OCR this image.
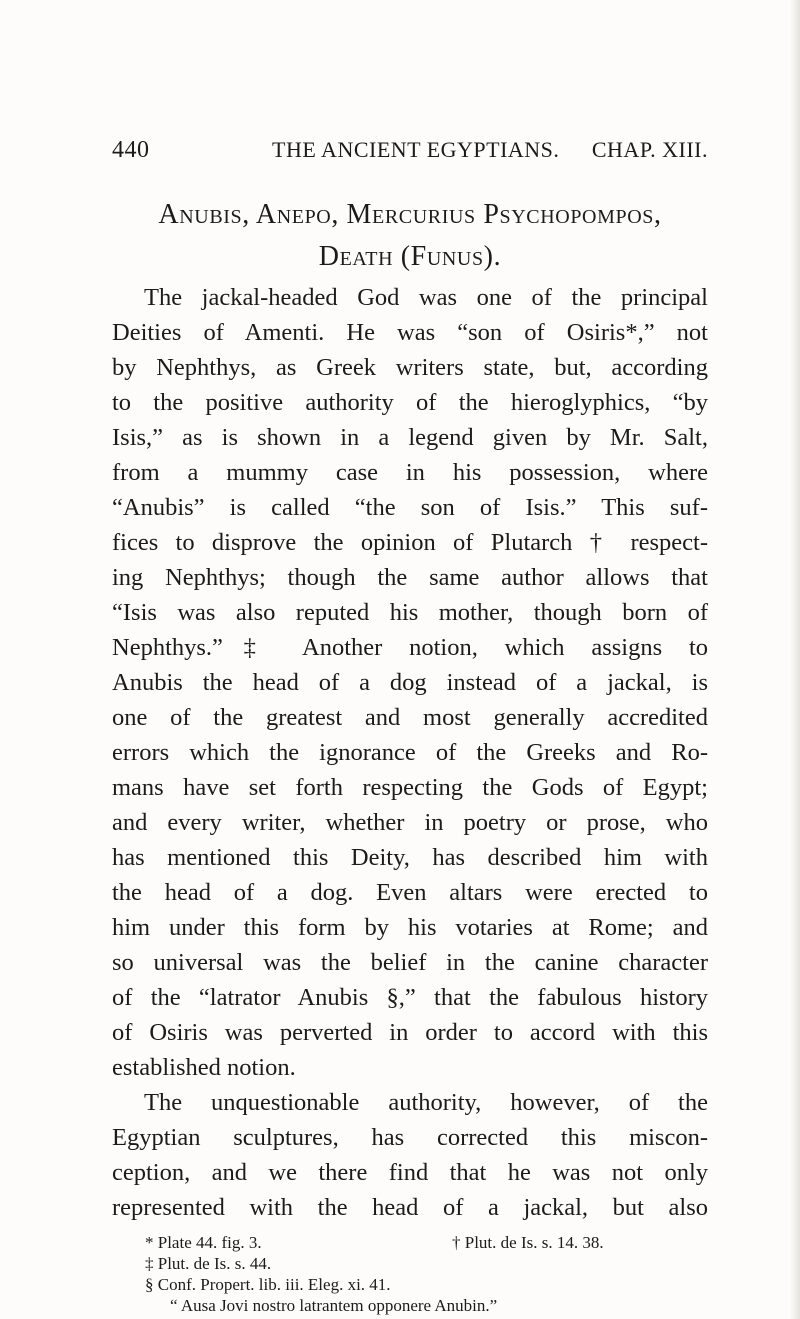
440	THE ANCIENT EGYPTIANS. CHAP. XIII.
Anubis, Anepo, Mercurius Psychopompos,
Death (Funus).
The jackal-headed God was one of the principal
Deities of Amenti. He was “son of Osiris*,” not
by Nephthys, as Greek writers state, but, according
to the positive authority of the hieroglyphics, “by
Isis,” as is shown in a legend given by Mr. Salt,
from a mummy case in his possession, where
“Anubis” is called “the son of Isis.” This suf-
fices to disprove the opinion of Plutarch † respect-
ing Nephthys; though the same author allows that
“Isis was also reputed his mother, though born of
Nephthys.”‡ Another notion, which assigns to
Anubis the head of a dog instead of a jackal, is
one of the greatest and most generally accredited
errors which the ignorance of the Greeks and Ro-
mans have set forth respecting the Gods of Egypt;
and every writer, whether in poetry or prose, who
has mentioned this Deity, has described him with
the head of a dog. Even altars were erected to
him under this form by his votaries at Rome; and
so universal was the belief in the canine character
of the “latrator Anubis §,” that the fabulous history
of Osiris was perverted in order to accord with this
established notion.
The unquestionable authority, however, of the
Egyptian sculptures, has corrected this miscon-
ception, and we there find that he was not only
represented with the head of a jackal, but also
* Plate 44. fig. 3.	† Plut. de Is. s. 14. 38.
‡ Plut. de Is. s. 44.
§ Conf. Propert. lib. iii. Eleg. xi. 41.
“ Ausa Jovi nostro latrantem opponere Anubin.”
